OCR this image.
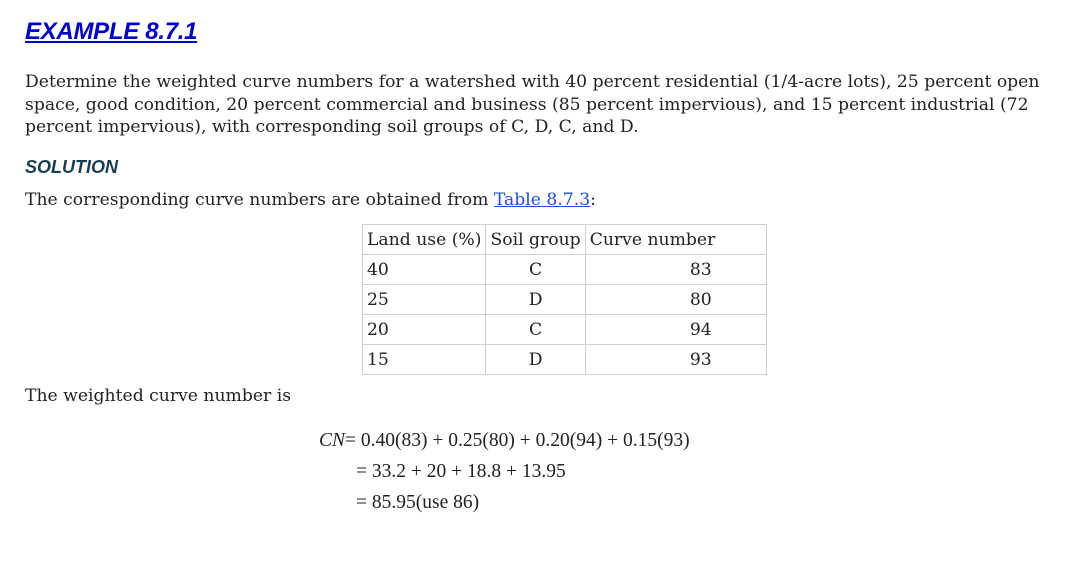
EXAMPLE 8.7.1

Determine the weighted curve numbers for a watershed with 40 percent residential (1/4-acre lots), 25 percent open space, good condition, 20 percent commercial and business (85 percent impervious), and 15 percent industrial (72 percent impervious), with corresponding soil groups of C, D, C, and D.

SOLUTION

The corresponding curve numbers are obtained from Table 8.7.3:

Land use (%)	Soil group	Curve number
40	C	83
25	D	80
20	C	94
15	D	93

The weighted curve number is

CN= 0.40(83) + 0.25(80) + 0.20(94) + 0.15(93)
= 33.2 + 20 + 18.8 + 13.95
= 85.95(use 86)
